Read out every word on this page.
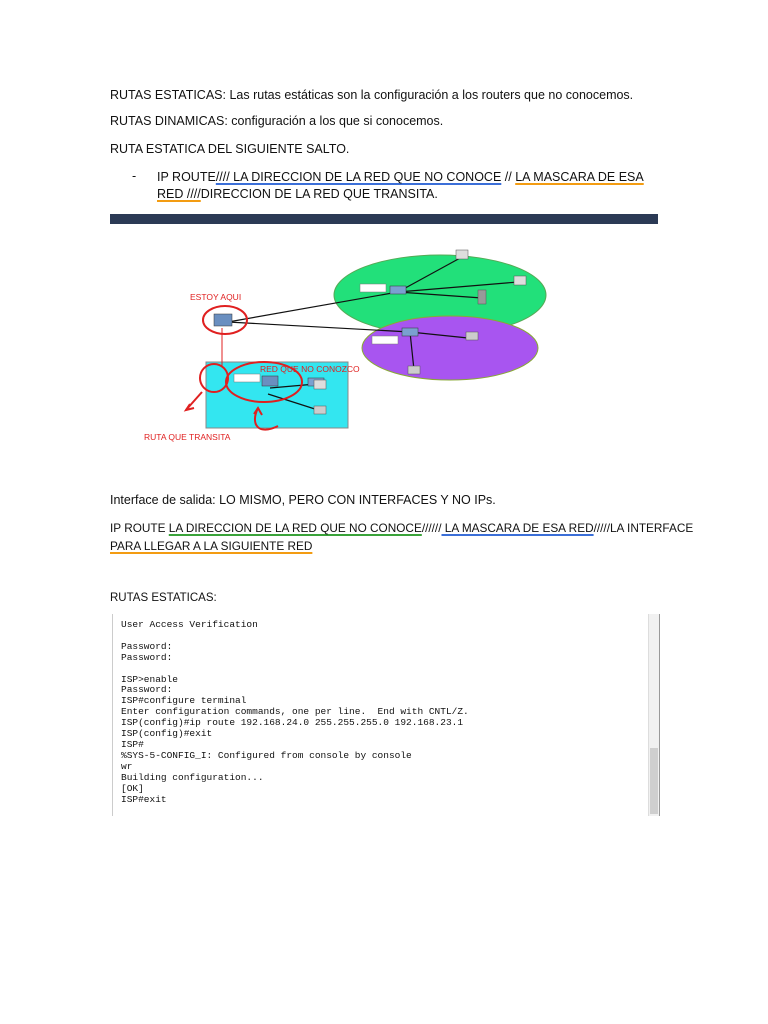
RUTAS ESTATICAS: Las rutas estáticas son la configuración a los routers que no conocemos.
RUTAS DINAMICAS: configuración a los que si conocemos.
RUTA ESTATICA DEL SIGUIENTE SALTO.
- IP ROUTE//// LA DIRECCION DE LA RED QUE NO CONOCE // LA MASCARA DE ESA
RED ////DIRECCION DE LA RED QUE TRANSITA.
ESTOY AQUI
RED QUE NO CONOZCO
RUTA QUE TRANSITA
Interface de salida: LO MISMO, PERO CON INTERFACES Y NO IPs.
IP ROUTE LA DIRECCION DE LA RED QUE NO CONOCE////// LA MASCARA DE ESA RED/////LA INTERFACE
PARA LLEGAR A LA SIGUIENTE RED
RUTAS ESTATICAS:
User Access Verification

Password:
Password:

ISP>enable
Password:
ISP#configure terminal
Enter configuration commands, one per line.  End with CNTL/Z.
ISP(config)#ip route 192.168.24.0 255.255.255.0 192.168.23.1
ISP(config)#exit
ISP#
%SYS-5-CONFIG_I: Configured from console by console
wr
Building configuration...
[OK]
ISP#exit
